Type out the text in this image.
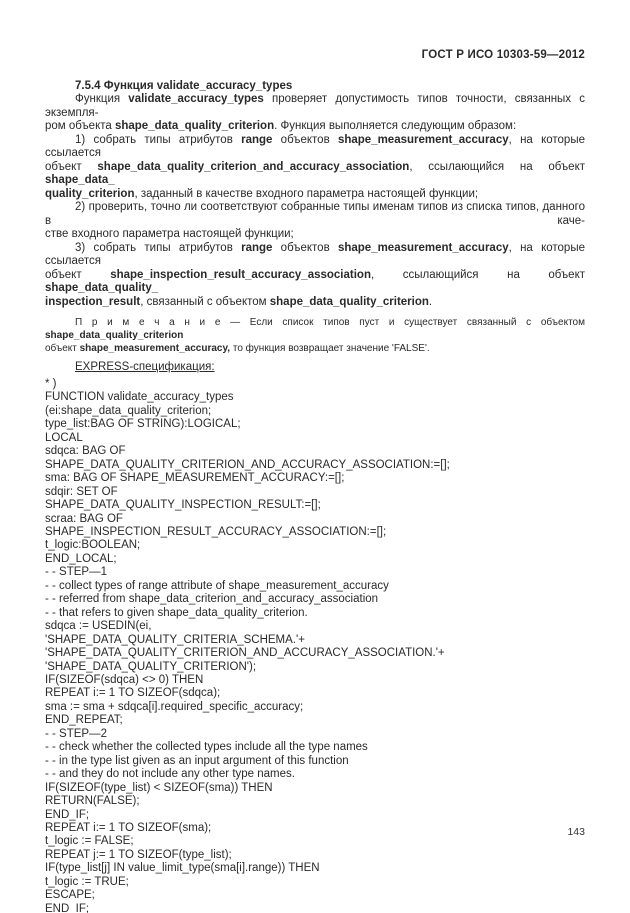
ГОСТ Р ИСО 10303-59—2012
7.5.4 Функция validate_accuracy_types
Функция validate_accuracy_types проверяет допустимость типов точности, связанных с экземпля-
ром объекта shape_data_quality_criterion. Функция выполняется следующим образом:
1) собрать типы атрибутов range объектов shape_measurement_accuracy, на которые ссылается
объект shape_data_quality_criterion_and_accuracy_association, ссылающийся на объект shape_data_
quality_criterion, заданный в качестве входного параметра настоящей функции;
2) проверить, точно ли соответствуют собранные типы именам типов из списка типов, данного в каче-
стве входного параметра настоящей функции;
3) собрать типы атрибутов range объектов shape_measurement_accuracy, на которые ссылается
объект shape_inspection_result_accuracy_association, ссылающийся на объект shape_data_quality_
inspection_result, связанный с объектом shape_data_quality_criterion.
П р и м е ч а н и е — Если список типов пуст и существует связанный с объектом shape_data_quality_criterion
объект shape_measurement_accuracy, то функция возвращает значение 'FALSE'.
EXPRESS-спецификация:
* )
FUNCTION validate_accuracy_types
(ei:shape_data_quality_criterion;
type_list:BAG OF STRING):LOGICAL;
LOCAL
sdqca: BAG OF
SHAPE_DATA_QUALITY_CRITERION_AND_ACCURACY_ASSOCIATION:=[];
sma: BAG OF SHAPE_MEASUREMENT_ACCURACY:=[];
sdqir: SET OF
SHAPE_DATA_QUALITY_INSPECTION_RESULT:=[];
scraa: BAG OF
SHAPE_INSPECTION_RESULT_ACCURACY_ASSOCIATION:=[];
t_logic:BOOLEAN;
END_LOCAL;
- - STEP—1
- - collect types of range attribute of shape_measurement_accuracy
- - referred from shape_data_criterion_and_accuracy_association
- - that refers to given shape_data_quality_criterion.
sdqca := USEDIN(ei,
'SHAPE_DATA_QUALITY_CRITERIA_SCHEMA.'+
'SHAPE_DATA_QUALITY_CRITERION_AND_ACCURACY_ASSOCIATION.'+
'SHAPE_DATA_QUALITY_CRITERION');
IF(SIZEOF(sdqca) <> 0) THEN
REPEAT i:= 1 TO SIZEOF(sdqca);
sma := sma + sdqca[i].required_specific_accuracy;
END_REPEAT;
- - STEP—2
- - check whether the collected types include all the type names
- - in the type list given as an input argument of this function
- - and they do not include any other type names.
IF(SIZEOF(type_list) < SIZEOF(sma)) THEN
RETURN(FALSE);
END_IF;
REPEAT i:= 1 TO SIZEOF(sma);
t_logic := FALSE;
REPEAT j:= 1 TO SIZEOF(type_list);
IF(type_list[j] IN value_limit_type(sma[i].range)) THEN
t_logic := TRUE;
ESCAPE;
END_IF;
143
